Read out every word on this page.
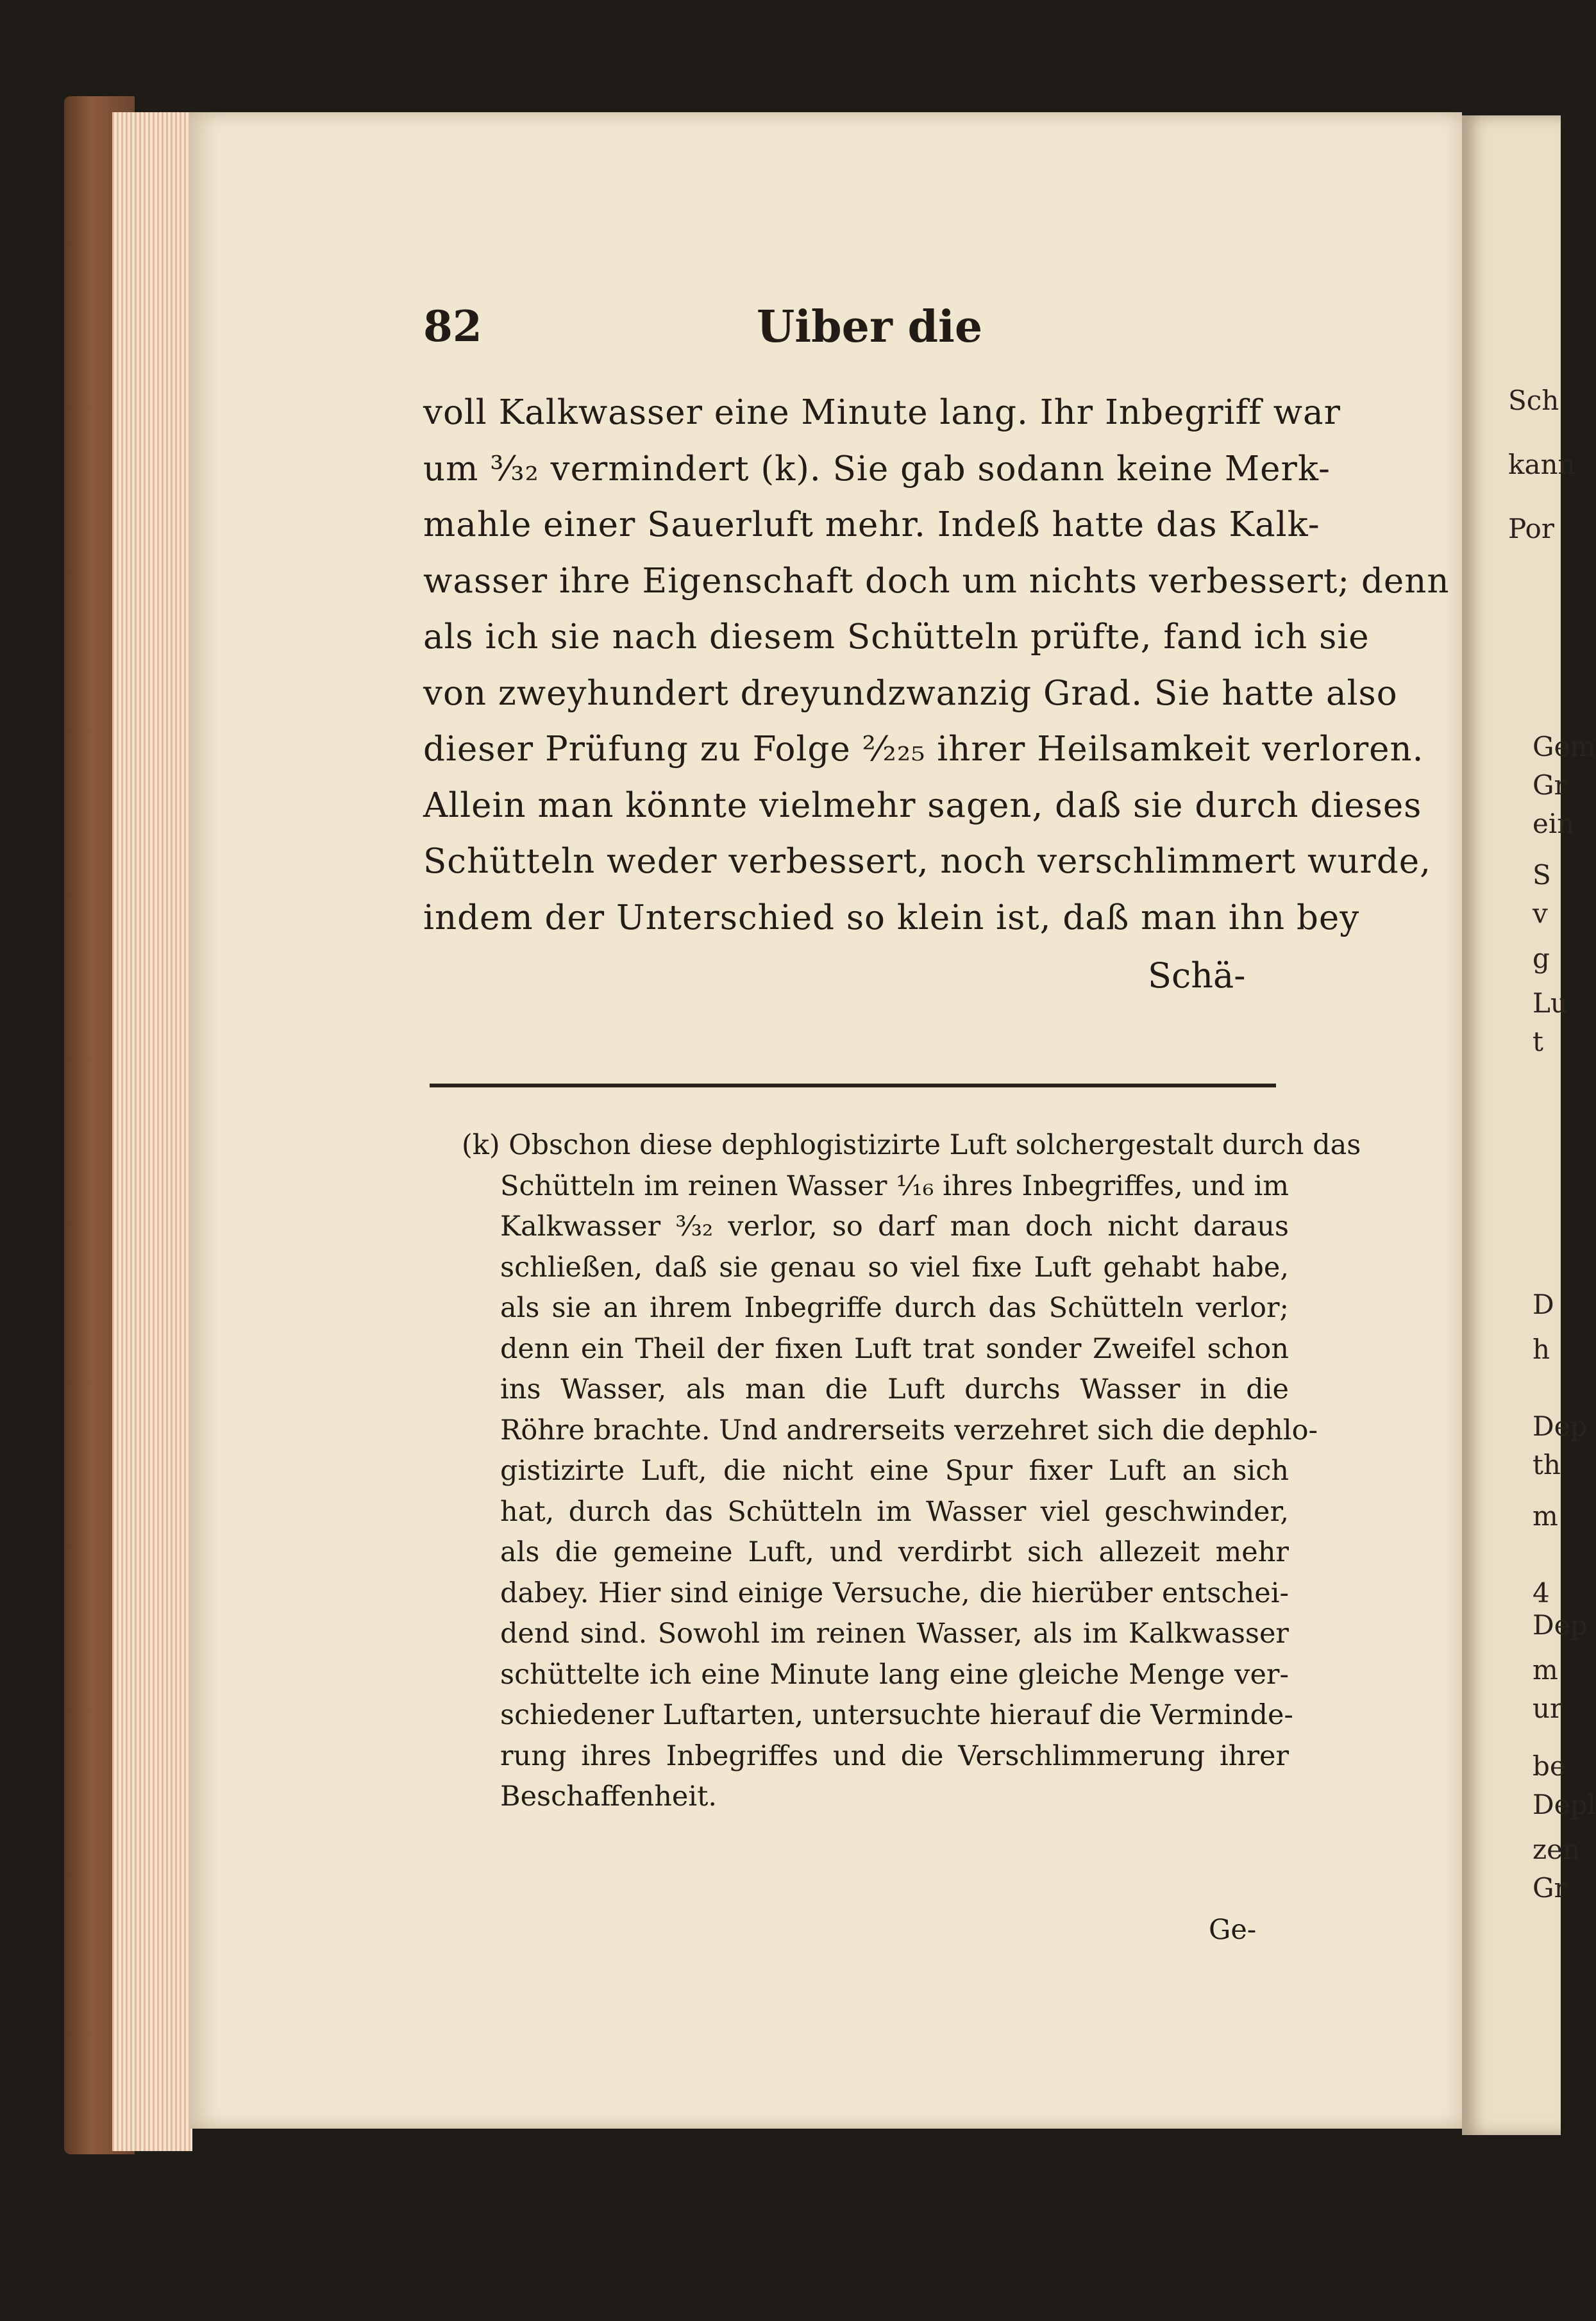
82	Uiber die
voll Kalkwasser eine Minute lang. Ihr Inbegriff war
um ³⁄₃₂ vermindert (k). Sie gab sodann keine Merk-
mahle einer Sauerluft mehr. Indeß hatte das Kalk-
wasser ihre Eigenschaft doch um nichts verbessert; denn
als ich sie nach diesem Schütteln prüfte, fand ich sie
von zweyhundert dreyundzwanzig Grad. Sie hatte also
dieser Prüfung zu Folge ²⁄₂₂₅ ihrer Heilsamkeit verloren.
Allein man könnte vielmehr sagen, daß sie durch dieses
Schütteln weder verbessert, noch verschlimmert wurde,
indem der Unterschied so klein ist, daß man ihn bey
Schä-
(k) Obschon diese dephlogistizirte Luft solchergestalt durch das
Schütteln im reinen Wasser ¹⁄₁₆ ihres Inbegriffes, und im
Kalkwasser ³⁄₃₂ verlor, so darf man doch nicht daraus
schließen, daß sie genau so viel fixe Luft gehabt habe,
als sie an ihrem Inbegriffe durch das Schütteln verlor;
denn ein Theil der fixen Luft trat sonder Zweifel schon
ins Wasser, als man die Luft durchs Wasser in die
Röhre brachte. Und andrerseits verzehret sich die dephlo-
gistizirte Luft, die nicht eine Spur fixer Luft an sich
hat, durch das Schütteln im Wasser viel geschwinder,
als die gemeine Luft, und verdirbt sich allezeit mehr
dabey. Hier sind einige Versuche, die hierüber entschei-
dend sind. Sowohl im reinen Wasser, als im Kalkwasser
schüttelte ich eine Minute lang eine gleiche Menge ver-
schiedener Luftarten, untersuchte hierauf die Verminde-
rung ihres Inbegriffes und die Verschlimmerung ihrer
Beschaffenheit.
Ge-
Sch
kann
Por
Gem
Gr
ein
S
v
g
Lu
t
D
h
Dep
th
m
4
Dep
m
ur
be
Depl
zen
Gr
